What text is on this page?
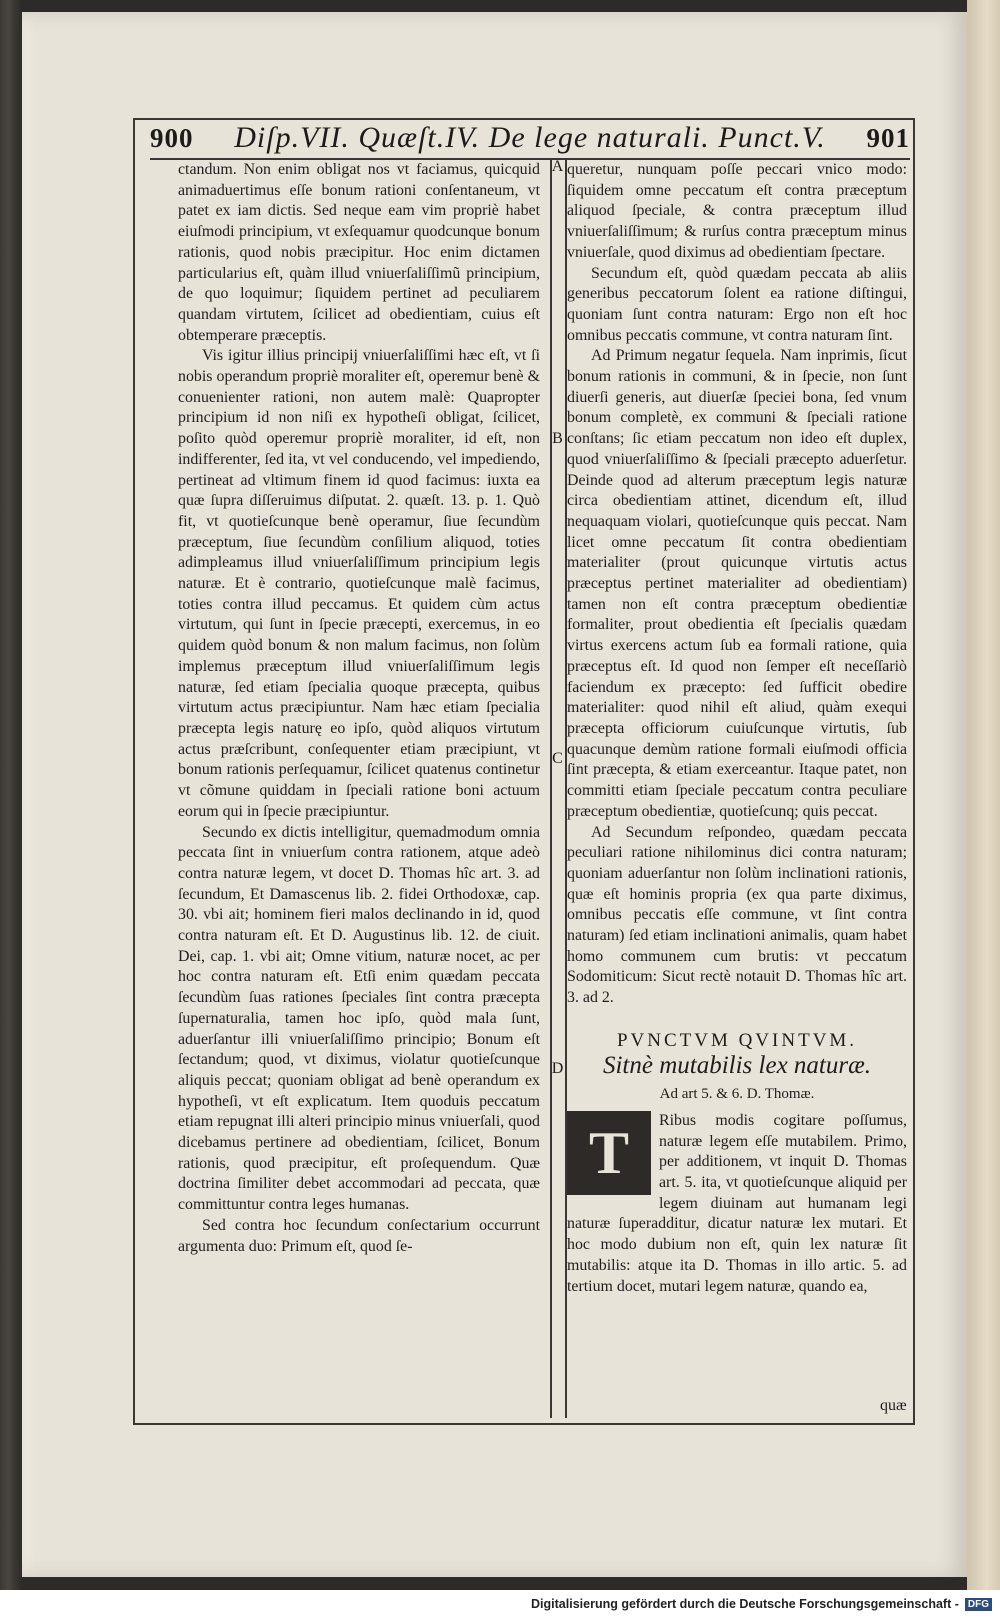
900 Diſp.VII. Quæſt.IV. De lege naturali. Punct.V. 901
A
B
C
D

ctandum. Non enim obligat nos vt faciamus, quicquid animaduertimus eſſe bonum rationi conſentaneum, vt patet ex iam dictis. Sed neque eam vim propriè habet eiuſmodi principium, vt exſequamur quodcunque bonum rationis, quod nobis præcipitur. Hoc enim dictamen particularius eſt, quàm illud vniuerſaliſſimũ principium, de quo loquimur; ſiquidem pertinet ad peculiarem quandam virtutem, ſcilicet ad obedientiam, cuius eſt obtemperare præceptis.

Vis igitur illius principij vniuerſaliſſimi hæc eſt, vt ſi nobis operandum propriè moraliter eſt, operemur benè & conuenienter rationi, non autem malè: Quapropter principium id non niſi ex hypotheſi obligat, ſcilicet, poſito quòd operemur propriè moraliter, id eſt, non indifferenter, ſed ita, vt vel conducendo, vel impediendo, pertineat ad vltimum finem id quod facimus: iuxta ea quæ ſupra diſſeruimus diſputat. 2. quæſt. 13. p. 1. Quò fit, vt quotieſcunque benè operamur, ſiue ſecundùm præceptum, ſiue ſecundùm conſilium aliquod, toties adimpleamus illud vniuerſaliſſimum principium legis naturæ. Et è contrario, quotieſcunque malè facimus, toties contra illud peccamus. Et quidem cùm actus virtutum, qui ſunt in ſpecie præcepti, exercemus, in eo quidem quòd bonum & non malum facimus, non ſolùm implemus præceptum illud vniuerſaliſſimum legis naturæ, ſed etiam ſpecialia quoque præcepta, quibus virtutum actus præcipiuntur. Nam hæc etiam ſpecialia præcepta legis naturę eo ipſo, quòd aliquos virtutum actus præſcribunt, conſequenter etiam præcipiunt, vt bonum rationis perſequamur, ſcilicet quatenus continetur vt cõmune quiddam in ſpeciali ratione boni actuum eorum qui in ſpecie præcipiuntur.

Secundo ex dictis intelligitur, quemadmodum omnia peccata ſint in vniuerſum contra rationem, atque adeò contra naturæ legem, vt docet D. Thomas hîc art. 3. ad ſecundum, Et Damascenus lib. 2. fidei Orthodoxæ, cap. 30. vbi ait; hominem fieri malos declinando in id, quod contra naturam eſt. Et D. Augustinus lib. 12. de ciuit. Dei, cap. 1. vbi ait; Omne vitium, naturæ nocet, ac per hoc contra naturam eſt. Etſi enim quædam peccata ſecundùm ſuas rationes ſpeciales ſint contra præcepta ſupernaturalia, tamen hoc ipſo, quòd mala ſunt, aduerſantur illi vniuerſaliſſimo principio; Bonum eſt ſectandum; quod, vt diximus, violatur quotieſcunque aliquis peccat; quoniam obligat ad benè operandum ex hypotheſi, vt eſt explicatum. Item quoduis peccatum etiam repugnat illi alteri principio minus vniuerſali, quod dicebamus pertinere ad obedientiam, ſcilicet, Bonum rationis, quod præcipitur, eſt proſequendum. Quæ doctrina ſimiliter debet accommodari ad peccata, quæ committuntur contra leges humanas.

Sed contra hoc ſecundum conſectarium occurrunt argumenta duo: Primum eſt, quod ſe-

queretur, nunquam poſſe peccari vnico modo: ſiquidem omne peccatum eſt contra præceptum aliquod ſpeciale, & contra præceptum illud vniuerſaliſſimum; & rurſus contra præceptum minus vniuerſale, quod diximus ad obedientiam ſpectare.

Secundum eſt, quòd quædam peccata ab aliis generibus peccatorum ſolent ea ratione diſtingui, quoniam ſunt contra naturam: Ergo non eſt hoc omnibus peccatis commune, vt contra naturam ſint.

Ad Primum negatur ſequela. Nam inprimis, ſicut bonum rationis in communi, & in ſpecie, non ſunt diuerſi generis, aut diuerſæ ſpeciei bona, ſed vnum bonum completè, ex communi & ſpeciali ratione conſtans; ſic etiam peccatum non ideo eſt duplex, quod vniuerſaliſſimo & ſpeciali præcepto aduerſetur. Deinde quod ad alterum præceptum legis naturæ circa obedientiam attinet, dicendum eſt, illud nequaquam violari, quotieſcunque quis peccat. Nam licet omne peccatum ſit contra obedientiam materialiter (prout quicunque virtutis actus præceptus pertinet materialiter ad obedientiam) tamen non eſt contra præceptum obedientiæ formaliter, prout obedientia eſt ſpecialis quædam virtus exercens actum ſub ea formali ratione, quia præceptus eſt. Id quod non ſemper eſt neceſſariò faciendum ex præcepto: ſed ſufficit obedire materialiter: quod nihil eſt aliud, quàm exequi præcepta officiorum cuiuſcunque virtutis, ſub quacunque demùm ratione formali eiuſmodi officia ſint præcepta, & etiam exerceantur. Itaque patet, non committi etiam ſpeciale peccatum contra peculiare præceptum obedientiæ, quotieſcunq; quis peccat.

Ad Secundum reſpondeo, quædam peccata peculiari ratione nihilominus dici contra naturam; quoniam aduerſantur non ſolùm inclinationi rationis, quæ eſt hominis propria (ex qua parte diximus, omnibus peccatis eſſe commune, vt ſint contra naturam) ſed etiam inclinationi animalis, quam habet homo communem cum brutis: vt peccatum Sodomiticum: Sicut rectè notauit D. Thomas hîc art. 3. ad 2.

PVNCTVM QVINTVM.
Sitnè mutabilis lex naturæ.
Ad art 5. & 6. D. Thomæ.
T	Ribus modis cogitare poſſumus, naturæ legem eſſe mutabilem. Primo, per additionem, vt inquit D. Thomas art. 5. ita, vt quotieſcunque aliquid per legem diuinam aut humanam legi naturæ ſuperadditur, dicatur naturæ lex mutari. Et hoc modo dubium non eſt, quin lex naturæ ſit mutabilis: atque ita D. Thomas in illo artic. 5. ad tertium docet, mutari legem naturæ, quando ea,

quæ
Digitalisierung gefördert durch die Deutsche Forschungsgemeinschaft - DFG
